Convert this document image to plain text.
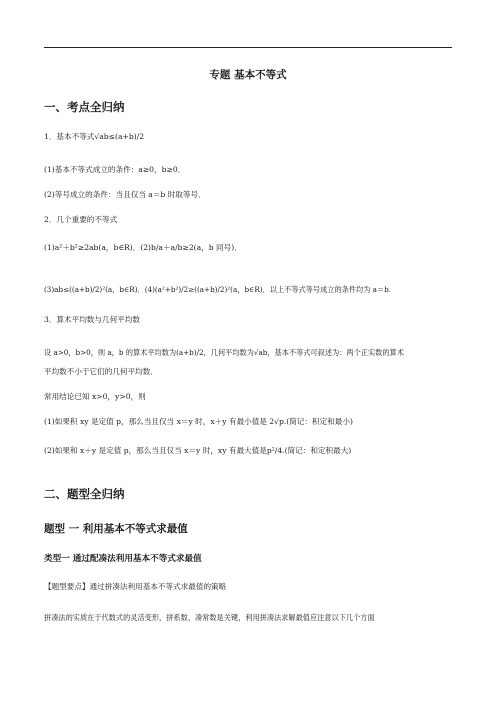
专题 基本不等式
一、考点全归纳
1．基本不等式√ab≤(a+b)/2
(1)基本不等式成立的条件：a≥0，b≥0．
(2)等号成立的条件：当且仅当 a＝b 时取等号．
2．几个重要的不等式
(1)a²＋b²≥2ab(a，b∈R)．(2)b/a＋a/b≥2(a，b 同号)．
(3)ab≤((a+b)/2)²(a，b∈R)．(4)(a²+b²)/2≥((a+b)/2)²(a，b∈R)．以上不等式等号成立的条件均为 a＝b.
3．算术平均数与几何平均数
设 a>0，b>0，则 a，b 的算术平均数为(a+b)/2，几何平均数为√ab，基本不等式可叙述为：两个正实数的算术
平均数不小于它们的几何平均数．
常用结论已知 x>0，y>0，则
(1)如果积 xy 是定值 p，那么当且仅当 x＝y 时，x＋y 有最小值是 2√p.(简记：积定和最小)
(2)如果和 x＋y 是定值 p，那么当且仅当 x＝y 时，xy 有最大值是p²/4.(简记：和定积最大)
二、题型全归纳
题型 一 利用基本不等式求最值
类型一 通过配凑法利用基本不等式求最值
【题型要点】通过拼凑法利用基本不等式求最值的策略
拼凑法的实质在于代数式的灵活变形，拼系数、凑常数是关键，利用拼凑法求解最值应注意以下几个方面
